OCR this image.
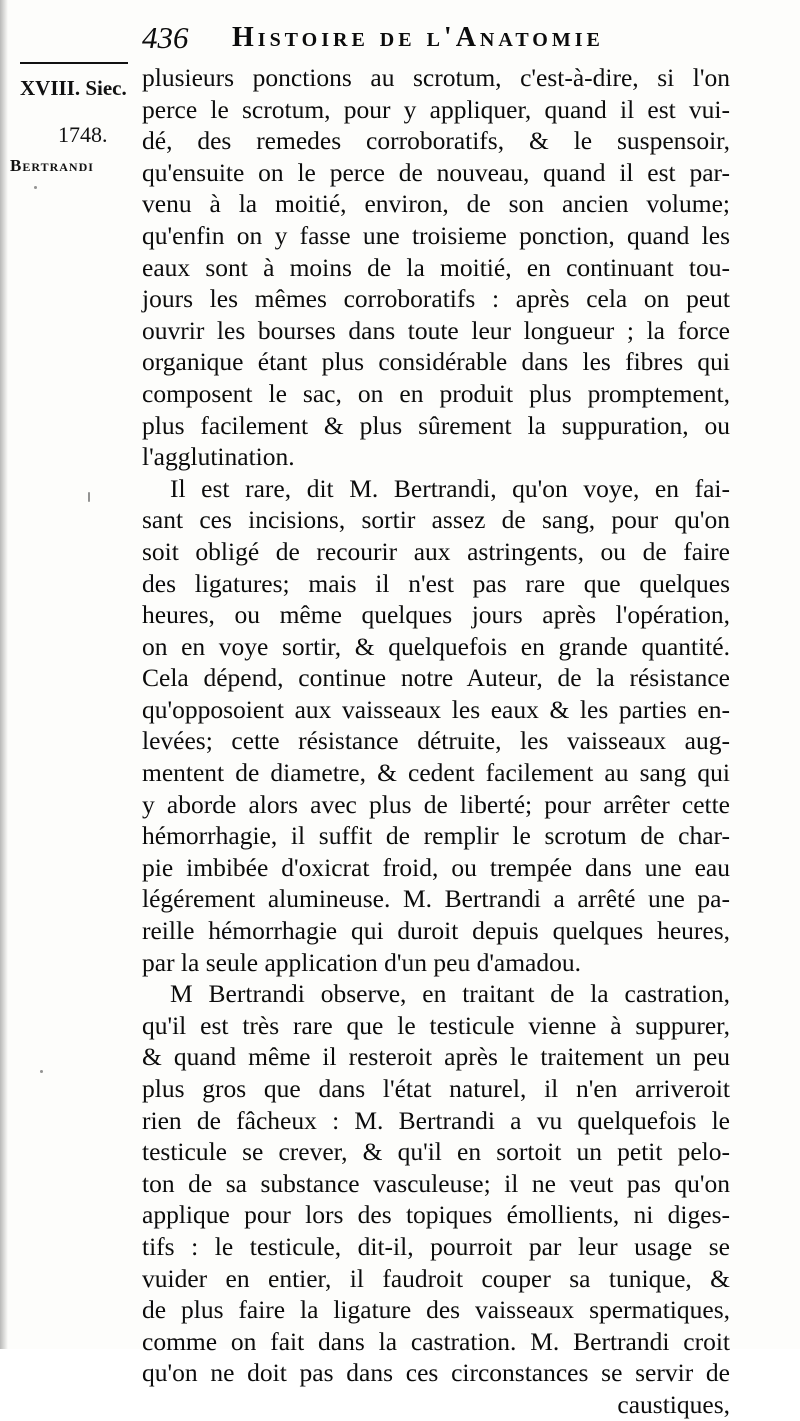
436 Histoire de l'Anatomie
XVIII. Siec.
1748.
Bertrandi
plusieurs ponctions au scrotum, c'est-à-dire, si l'on
perce le scrotum, pour y appliquer, quand il est vui-
dé, des remedes corroboratifs, & le suspensoir,
qu'ensuite on le perce de nouveau, quand il est par-
venu à la moitié, environ, de son ancien volume;
qu'enfin on y fasse une troisieme ponction, quand les
eaux sont à moins de la moitié, en continuant tou-
jours les mêmes corroboratifs : après cela on peut
ouvrir les bourses dans toute leur longueur ; la force
organique étant plus considérable dans les fibres qui
composent le sac, on en produit plus promptement,
plus facilement & plus sûrement la suppuration, ou
l'agglutination.
Il est rare, dit M. Bertrandi, qu'on voye, en fai-
sant ces incisions, sortir assez de sang, pour qu'on
soit obligé de recourir aux astringents, ou de faire
des ligatures; mais il n'est pas rare que quelques
heures, ou même quelques jours après l'opération,
on en voye sortir, & quelquefois en grande quantité.
Cela dépend, continue notre Auteur, de la résistance
qu'opposoient aux vaisseaux les eaux & les parties en-
levées; cette résistance détruite, les vaisseaux aug-
mentent de diametre, & cedent facilement au sang qui
y aborde alors avec plus de liberté; pour arrêter cette
hémorrhagie, il suffit de remplir le scrotum de char-
pie imbibée d'oxicrat froid, ou trempée dans une eau
légérement alumineuse. M. Bertrandi a arrêté une pa-
reille hémorrhagie qui duroit depuis quelques heures,
par la seule application d'un peu d'amadou.
M Bertrandi observe, en traitant de la castration,
qu'il est très rare que le testicule vienne à suppurer,
& quand même il resteroit après le traitement un peu
plus gros que dans l'état naturel, il n'en arriveroit
rien de fâcheux : M. Bertrandi a vu quelquefois le
testicule se crever, & qu'il en sortoit un petit pelo-
ton de sa substance vasculeuse; il ne veut pas qu'on
applique pour lors des topiques émollients, ni diges-
tifs : le testicule, dit-il, pourroit par leur usage se
vuider en entier, il faudroit couper sa tunique, &
de plus faire la ligature des vaisseaux spermatiques,
comme on fait dans la castration. M. Bertrandi croit
qu'on ne doit pas dans ces circonstances se servir de
caustiques,
